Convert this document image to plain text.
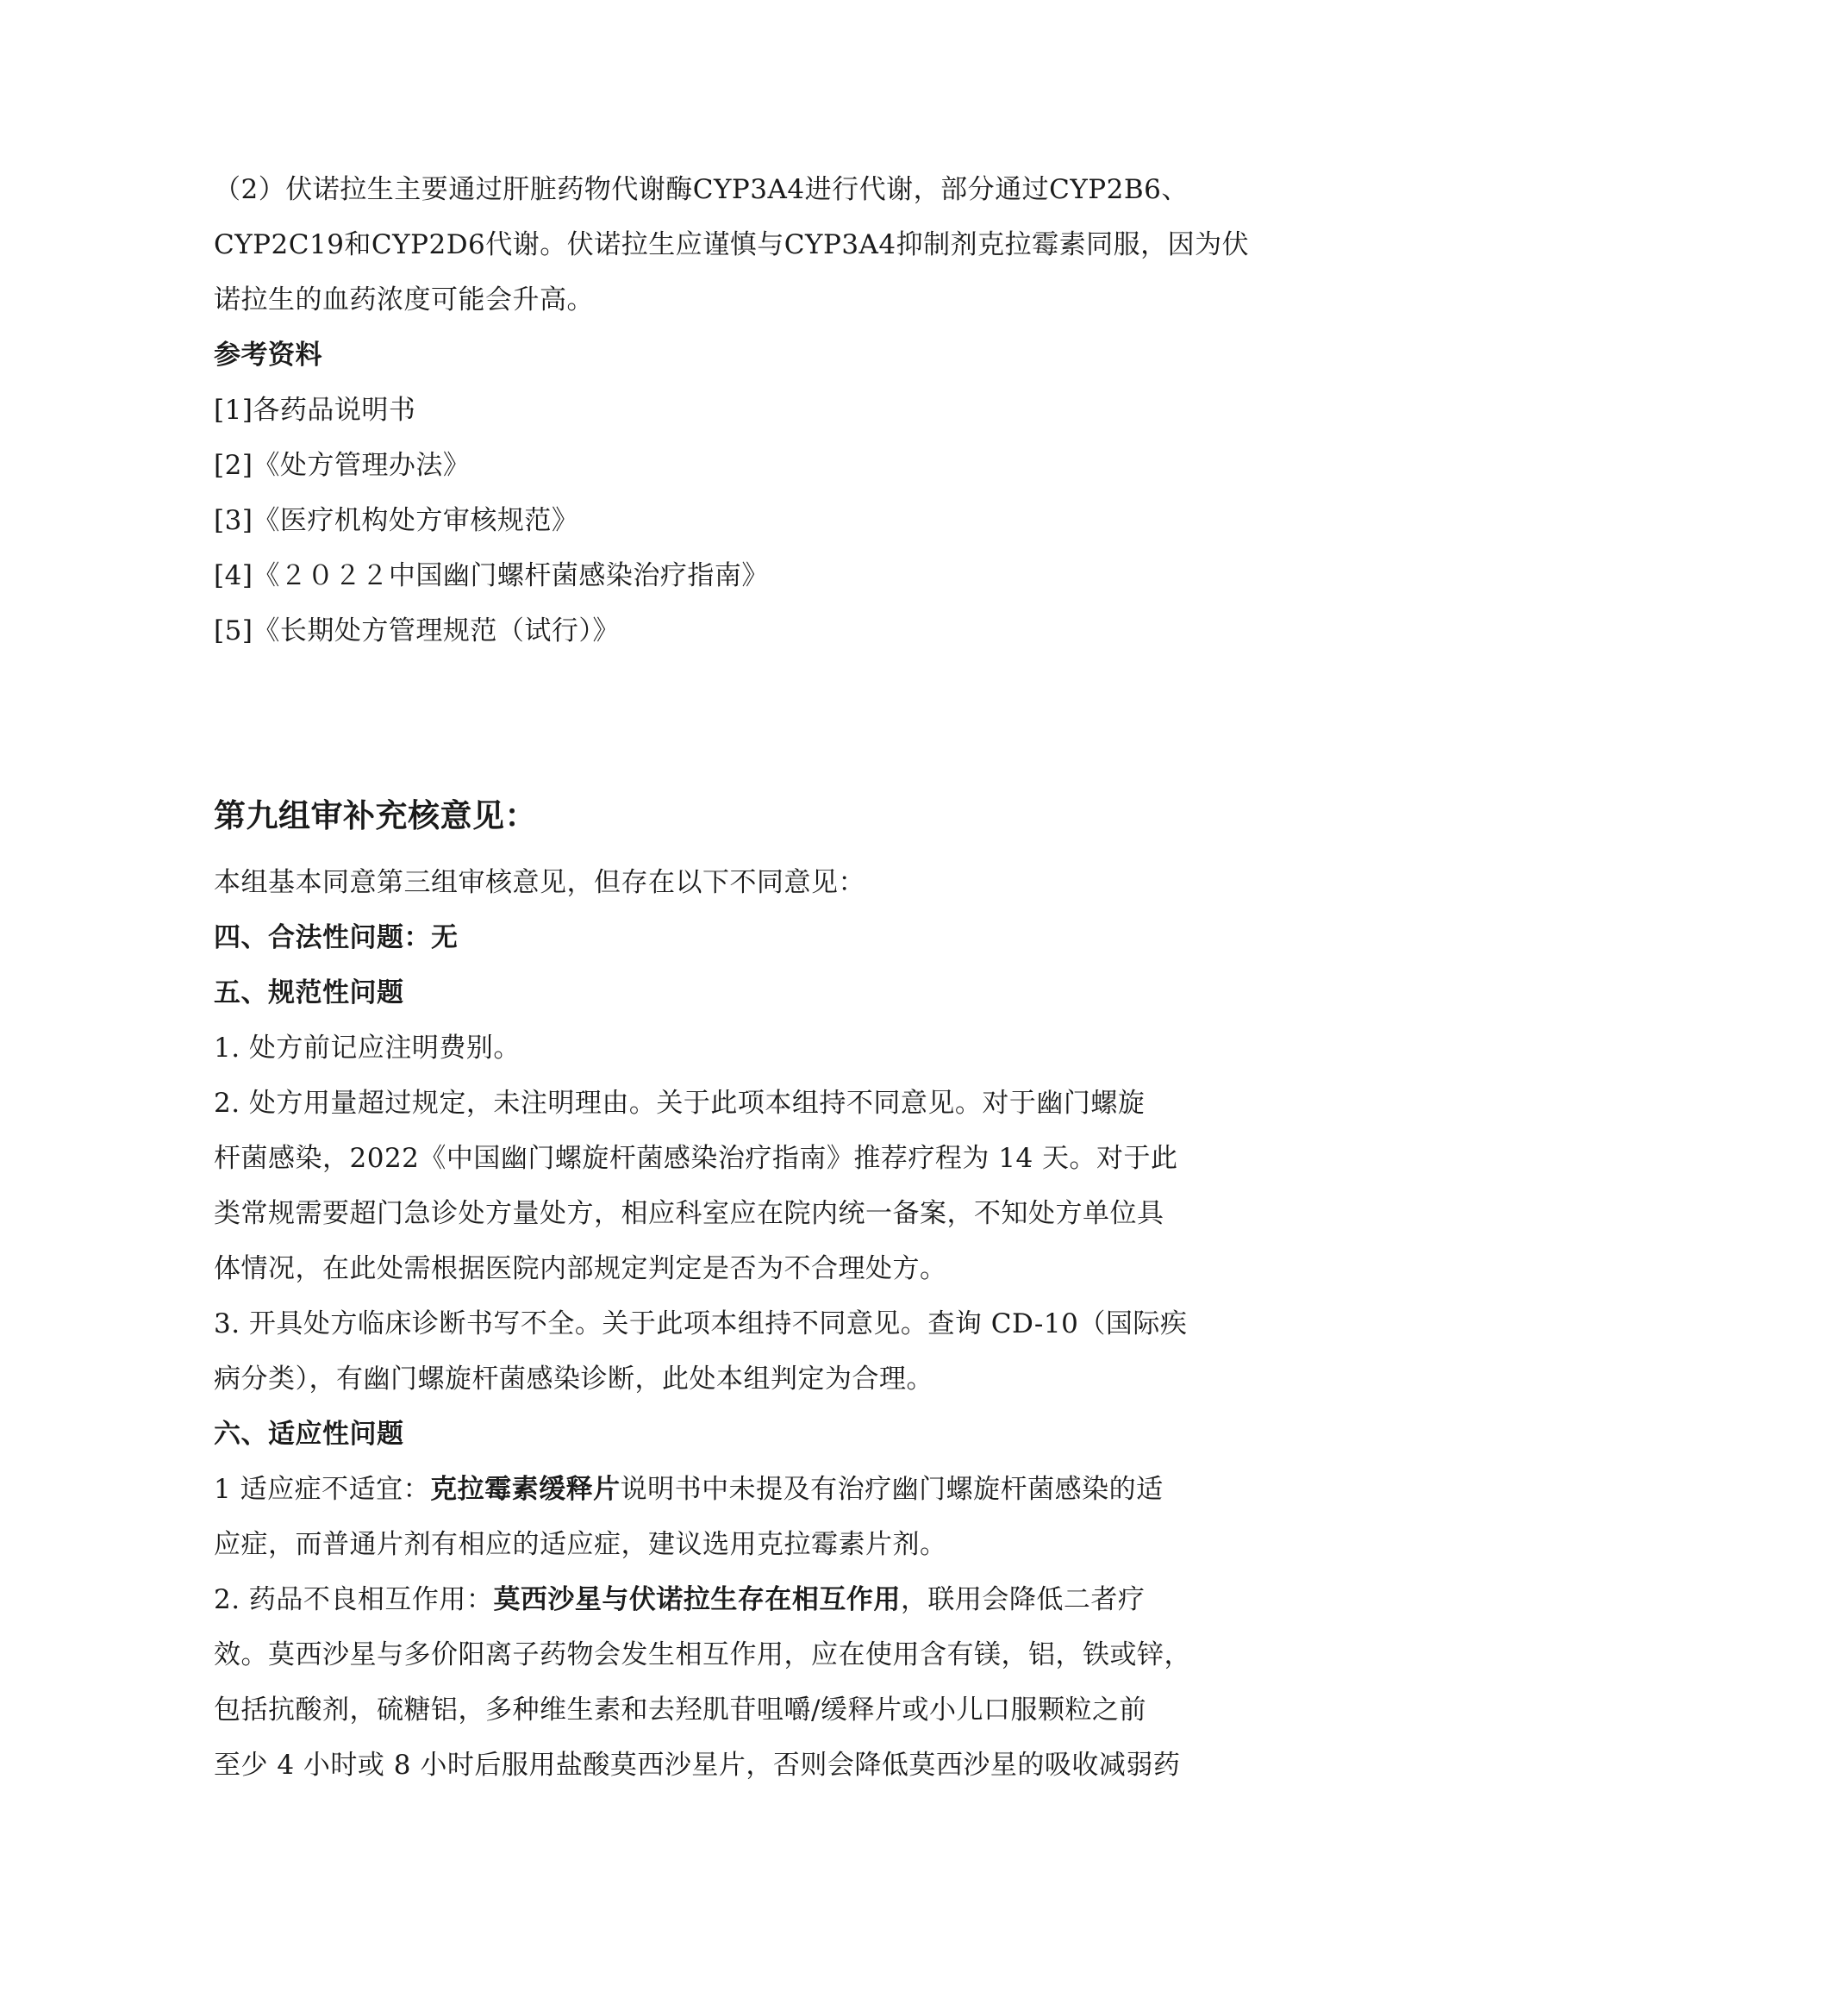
（2）伏诺拉生主要通过肝脏药物代谢酶CYP3A4进行代谢，部分通过CYP2B6、
CYP2C19和CYP2D6代谢。伏诺拉生应谨慎与CYP3A4抑制剂克拉霉素同服，因为伏
诺拉生的血药浓度可能会升高。
参考资料
[1]各药品说明书
[2]《处方管理办法》
[3]《医疗机构处方审核规范》
[4]《２０２２中国幽门螺杆菌感染治疗指南》
[5]《长期处方管理规范（试行）》
第九组审补充核意见：
本组基本同意第三组审核意见，但存在以下不同意见：
四、合法性问题：无
五、规范性问题
1. 处方前记应注明费别。
2. 处方用量超过规定，未注明理由。关于此项本组持不同意见。对于幽门螺旋
杆菌感染，2022《中国幽门螺旋杆菌感染治疗指南》推荐疗程为 14 天。对于此
类常规需要超门急诊处方量处方，相应科室应在院内统一备案，不知处方单位具
体情况，在此处需根据医院内部规定判定是否为不合理处方。
3. 开具处方临床诊断书写不全。关于此项本组持不同意见。查询 CD-10（国际疾
病分类），有幽门螺旋杆菌感染诊断，此处本组判定为合理。
六、适应性问题
1 适应症不适宜：克拉霉素缓释片说明书中未提及有治疗幽门螺旋杆菌感染的适
应症，而普通片剂有相应的适应症，建议选用克拉霉素片剂。
2. 药品不良相互作用：莫西沙星与伏诺拉生存在相互作用，联用会降低二者疗
效。莫西沙星与多价阳离子药物会发生相互作用，应在使用含有镁，铝，铁或锌，
包括抗酸剂，硫糖铝，多种维生素和去羟肌苷咀嚼/缓释片或小儿口服颗粒之前
至少 4 小时或 8 小时后服用盐酸莫西沙星片，否则会降低莫西沙星的吸收减弱药
